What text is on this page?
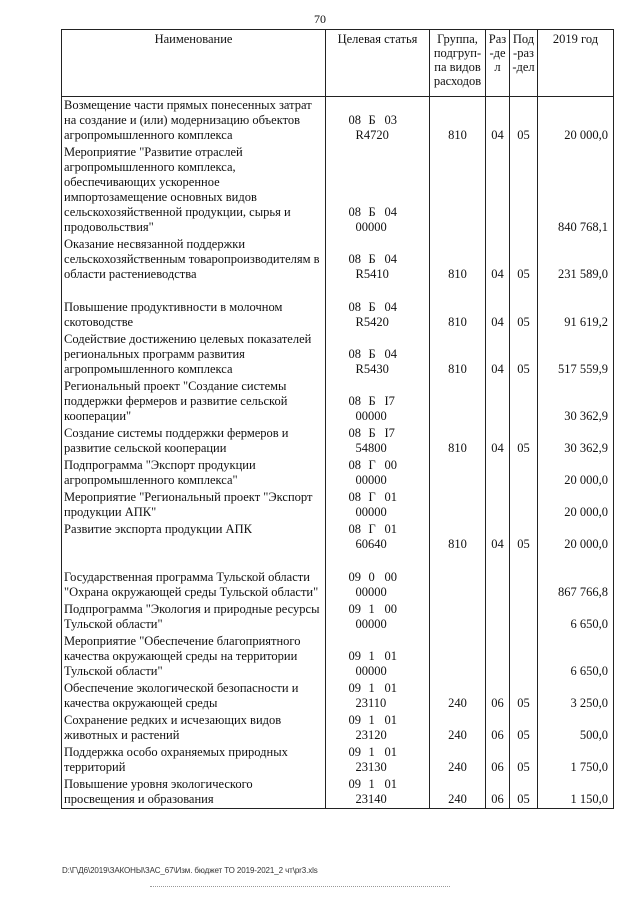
70
Наименование	Целевая статья	Группа, подгруп-па видов расходов	Раз-дел	Под-раз-дел	2019 год
Возмещение части прямых понесенных затрат на создание и (или) модернизацию объектов агропромышленного комплекса	08 Б 03R4720	810	04	05	20 000,0
Мероприятие "Развитие отраслей агропромышленного комплекса, обеспечивающих ускоренное импортозамещение основных видов сельскохозяйственной продукции, сырья и продовольствия"	08 Б 0400000				840 768,1
Оказание несвязанной поддержки сельскохозяйственным товаропроизводителям в области растениеводства	08 Б 04R5410	810	04	05	231 589,0

Повышение продуктивности в молочном скотоводстве	08 Б 04R5420	810	04	05	91 619,2
Содействие достижению целевых показателей региональных программ развития агропромышленного комплекса	08 Б 04R5430	810	04	05	517 559,9
Региональный проект "Создание системы поддержки фермеров и развитие сельской кооперации"	08 Б I700000				30 362,9
Создание системы поддержки фермеров и развитие сельской кооперации	08 Б I754800	810	04	05	30 362,9
Подпрограмма "Экспорт продукции агропромышленного комплекса"	08 Г 0000000				20 000,0
Мероприятие "Региональный проект "Экспорт продукции АПК"	08 Г 0100000				20 000,0
Развитие экспорта продукции АПК	08 Г 0160640	810	04	05	20 000,0

Государственная программа Тульской области "Охрана окружающей среды Тульской области"	09 0 0000000				867 766,8
Подпрограмма "Экология и природные ресурсы Тульской области"	09 1 0000000				6 650,0
Мероприятие "Обеспечение благоприятного качества окружающей среды на территории Тульской области"	09 1 0100000				6 650,0
Обеспечение экологической безопасности и качества окружающей среды	09 1 0123110	240	06	05	3 250,0
Сохранение редких и исчезающих видов животных и растений	09 1 0123120	240	06	05	500,0
Поддержка особо охраняемых природных территорий	09 1 0123130	240	06	05	1 750,0
Повышение уровня экологического просвещения и образования	09 1 0123140	240	06	05	1 150,0
D:\Г\Д6\2019\ЗАКОНЫ\ЗАС_67\Изм. бюджет ТО 2019-2021_2 чт\pr3.xls
